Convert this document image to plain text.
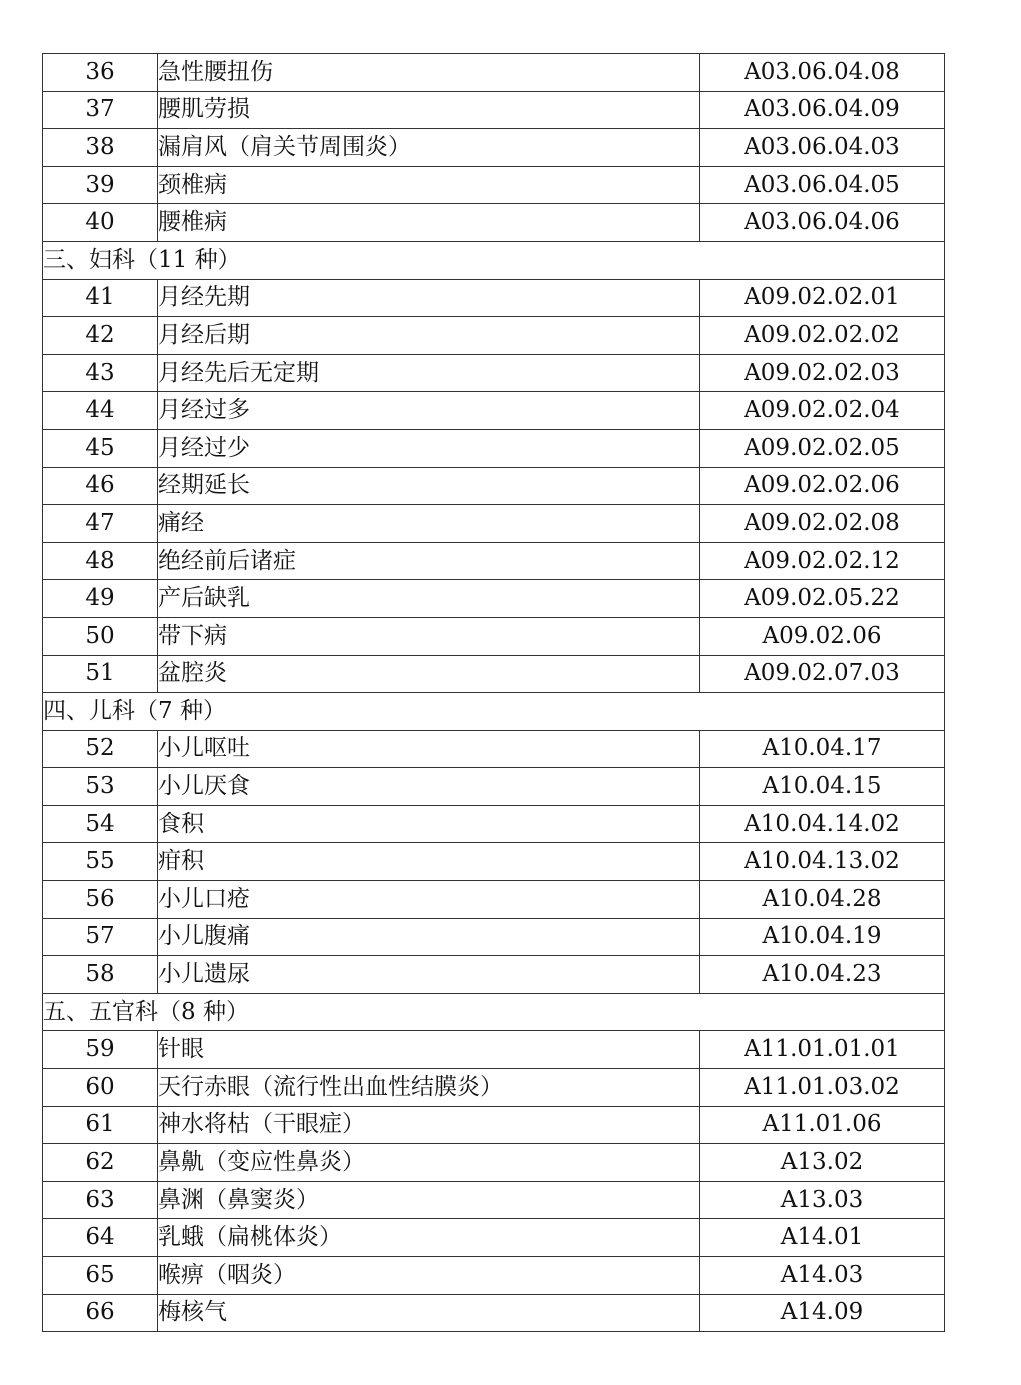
36	急性腰扭伤	A03.06.04.08
37	腰肌劳损	A03.06.04.09
38	漏肩风（肩关节周围炎）	A03.06.04.03
39	颈椎病	A03.06.04.05
40	腰椎病	A03.06.04.06
三、妇科（11 种）		
41	月经先期	A09.02.02.01
42	月经后期	A09.02.02.02
43	月经先后无定期	A09.02.02.03
44	月经过多	A09.02.02.04
45	月经过少	A09.02.02.05
46	经期延长	A09.02.02.06
47	痛经	A09.02.02.08
48	绝经前后诸症	A09.02.02.12
49	产后缺乳	A09.02.05.22
50	带下病	A09.02.06
51	盆腔炎	A09.02.07.03
四、儿科（7 种）		
52	小儿呕吐	A10.04.17
53	小儿厌食	A10.04.15
54	食积	A10.04.14.02
55	疳积	A10.04.13.02
56	小儿口疮	A10.04.28
57	小儿腹痛	A10.04.19
58	小儿遗尿	A10.04.23
五、五官科（8 种）		
59	针眼	A11.01.01.01
60	天行赤眼（流行性出血性结膜炎）	A11.01.03.02
61	神水将枯（干眼症）	A11.01.06
62	鼻鼽（变应性鼻炎）	A13.02
63	鼻渊（鼻窦炎）	A13.03
64	乳蛾（扁桃体炎）	A14.01
65	喉痹（咽炎）	A14.03
66	梅核气	A14.09
